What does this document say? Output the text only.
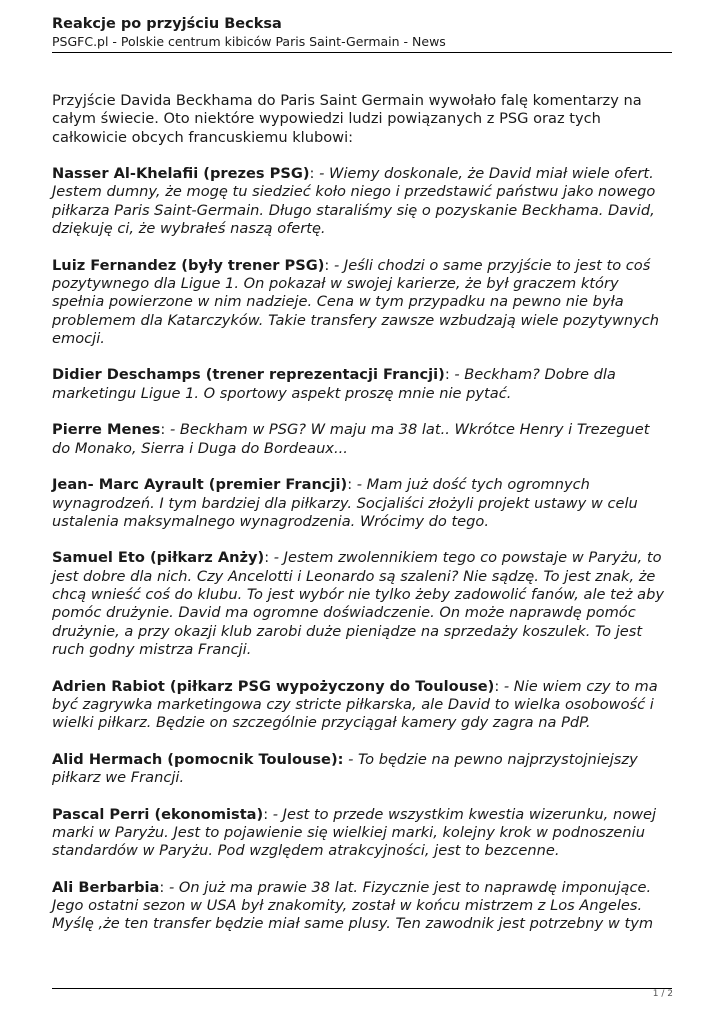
Reakcje po przyjściu Becksa
PSGFC.pl - Polskie centrum kibiców Paris Saint-Germain - News

Przyjście Davida Beckhama do Paris Saint Germain wywołało falę komentarzy na całym świecie. Oto niektóre wypowiedzi ludzi powiązanych z PSG oraz tych całkowicie obcych francuskiemu klubowi:

Nasser Al-Khelafii (prezes PSG): - Wiemy doskonale, że David miał wiele ofert. Jestem dumny, że mogę tu siedzieć koło niego i przedstawić państwu jako nowego piłkarza Paris Saint-Germain. Długo staraliśmy się o pozyskanie Beckhama. David, dziękuję ci, że wybrałeś naszą ofertę.

Luiz Fernandez (były trener PSG): - Jeśli chodzi o same przyjście to jest to coś pozytywnego dla Ligue 1. On pokazał w swojej karierze, że był graczem który spełnia powierzone w nim nadzieje. Cena w tym przypadku na pewno nie była problemem dla Katarczyków. Takie transfery zawsze wzbudzają wiele pozytywnych emocji.

Didier Deschamps (trener reprezentacji Francji): - Beckham? Dobre dla marketingu Ligue 1. O sportowy aspekt proszę mnie nie pytać.

Pierre Menes: - Beckham w PSG? W maju ma 38 lat.. Wkrótce Henry i Trezeguet do Monako, Sierra i Duga do Bordeaux...

Jean- Marc Ayrault (premier Francji): - Mam już dość tych ogromnych wynagrodzeń. I tym bardziej dla piłkarzy. Socjaliści złożyli projekt ustawy w celu ustalenia maksymalnego wynagrodzenia. Wrócimy do tego.

Samuel Eto (piłkarz Anży): - Jestem zwolennikiem tego co powstaje w Paryżu, to jest dobre dla nich. Czy Ancelotti i Leonardo są szaleni? Nie sądzę. To jest znak, że chcą wnieść coś do klubu. To jest wybór nie tylko żeby zadowolić fanów, ale też aby pomóc drużynie. David ma ogromne doświadczenie. On może naprawdę pomóc drużynie, a przy okazji klub zarobi duże pieniądze na sprzedaży koszulek. To jest ruch godny mistrza Francji.

Adrien Rabiot (piłkarz PSG wypożyczony do Toulouse): - Nie wiem czy to ma być zagrywka marketingowa czy stricte piłkarska, ale David to wielka osobowość i wielki piłkarz. Będzie on szczególnie przyciągał kamery gdy zagra na PdP.

Alid Hermach (pomocnik Toulouse): - To będzie na pewno najprzystojniejszy piłkarz we Francji.

Pascal Perri (ekonomista): - Jest to przede wszystkim kwestia wizerunku, nowej marki w Paryżu. Jest to pojawienie się wielkiej marki, kolejny krok w podnoszeniu standardów w Paryżu. Pod względem atrakcyjności, jest to bezcenne.

Ali Berbarbia: - On już ma prawie 38 lat. Fizycznie jest to naprawdę imponujące. Jego ostatni sezon w USA był znakomity, został w końcu mistrzem z Los Angeles. Myślę ,że ten transfer będzie miał same plusy. Ten zawodnik jest potrzebny w tym

1 / 2
